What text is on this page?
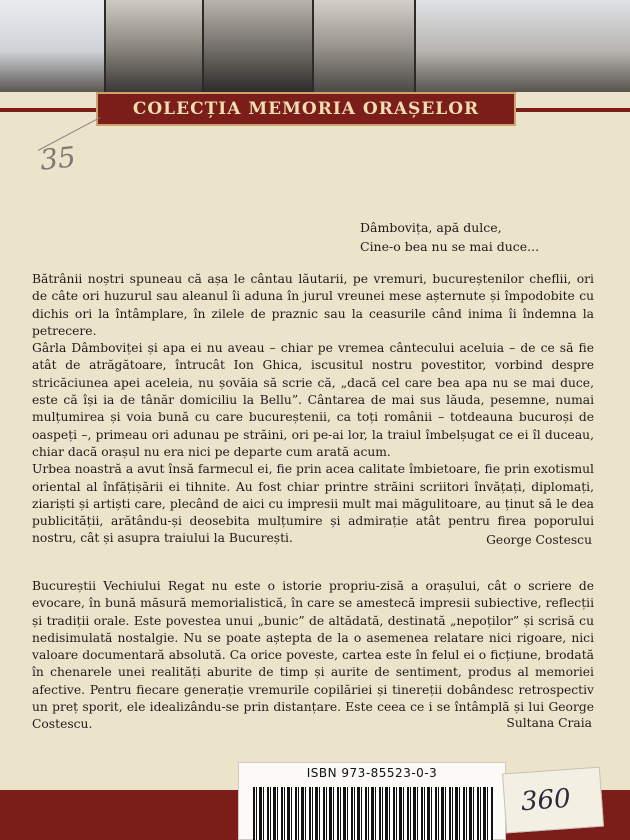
COLECȚIA MEMORIA ORAȘELOR
35
Dâmbovița, apă dulce,
Cine-o bea nu se mai duce...

Bătrânii noștri spuneau că așa le cântau lăutarii, pe vremuri, bucureștenilor cheflii, ori de câte ori huzurul sau aleanul îi aduna în jurul vreunei mese așternute și împodobite cu dichis ori la întâmplare, în zilele de praznic sau la ceasurile când inima îi îndemna la petrecere.

Gârla Dâmboviței și apa ei nu aveau – chiar pe vremea cântecului aceluia – de ce să fie atât de atrăgătoare, întrucât Ion Ghica, iscusitul nostru povestitor, vorbind despre stricăciunea apei aceleia, nu șovăia să scrie că, „dacă cel care bea apa nu se mai duce, este că își ia de tânăr domiciliu la Bellu”. Cântarea de mai sus lăuda, pesemne, numai mulțumirea și voia bună cu care bucureștenii, ca toți românii – totdeauna bucuroși de oaspeți –, primeau ori adunau pe străini, ori pe-ai lor, la traiul îmbelșugat ce ei îl duceau, chiar dacă orașul nu era nici pe departe cum arată acum.

Urbea noastră a avut însă farmecul ei, fie prin acea calitate îmbietoare, fie prin exotismul oriental al înfățișării ei tihnite. Au fost chiar printre străini scriitori învățați, diplomați, ziariști și artiști care, plecând de aici cu impresii mult mai măgulitoare, au ținut să le dea publicității, arătându-și deosebita mulțumire și admirație atât pentru firea poporului nostru, cât și asupra traiului la București.	George Costescu

Bucureștii Vechiului Regat nu este o istorie propriu-zisă a orașului, cât o scriere de evocare, în bună măsură memorialistică, în care se amestecă impresii subiective, reflecții și tradiții orale. Este povestea unui „bunic” de altădată, destinată „nepoților” și scrisă cu nedisimulată nostalgie. Nu se poate aștepta de la o asemenea relatare nici rigoare, nici valoare documentară absolută. Ca orice poveste, cartea este în felul ei o ficțiune, brodată în chenarele unei realități aburite de timp și aurite de sentiment, produs al memoriei afective. Pentru fiecare generație vremurile copilăriei și tinereții dobândesc retrospectiv un preț sporit, ele idealizându-se prin distanțare. Este ceea ce i se întâmplă și lui George Costescu.	Sultana Craia
ISBN 973-85523-0-3
360
